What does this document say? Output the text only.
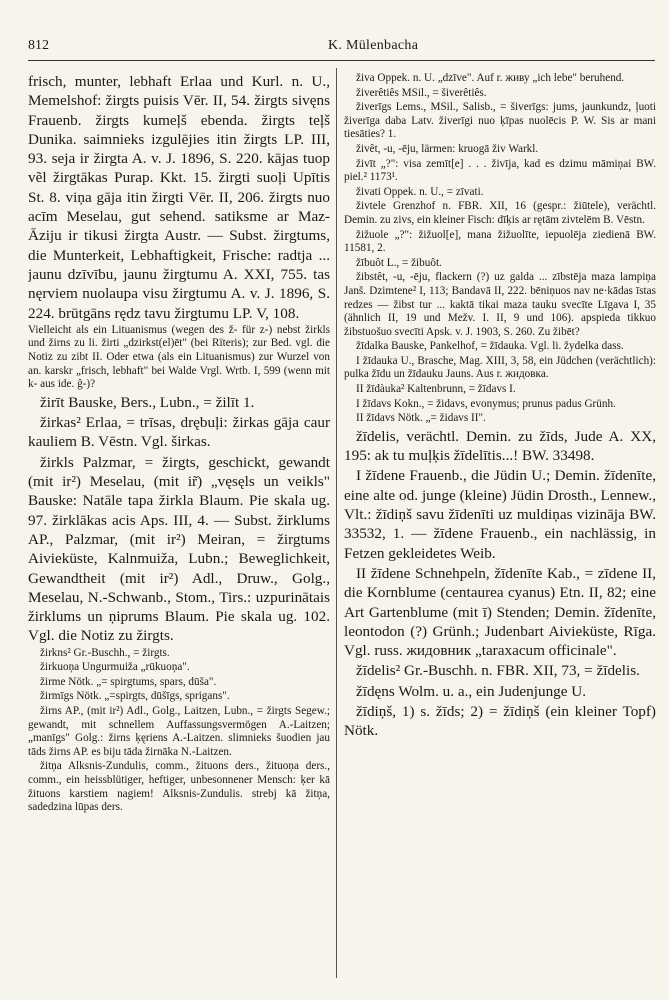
812	K. Mülenbacha

frisch, munter, lebhaft Erlaa und Kurl. n. U., Memelshof: žirgts puisis Vēr. II, 54. žirgts sivęns Frauenb. žirgts kumeļš ebenda. žirgts teļš Dunika. saimnieks izgulējies itin žirgts LP. III, 93. seja ir žirgta A. v. J. 1896, S. 220. kājas tuop vẽl žirgtākas Purap. Kkt. 15. žirgti suoļi Upītis St. 8. viņa gāja itin žirgti Vēr. II, 206. žirgts nuo acīm Meselau, gut sehend. satiksme ar Maz-Āziju ir tikusi žirgta Austr. — Subst. žirgtums, die Munterkeit, Lebhaftigkeit, Frische: radtja ... jaunu dzīvību, jaunu žirgtumu A. XXI, 755. tas nęrviem nuolaupa visu žirgtumu A. v. J. 1896, S. 224. brūtgāns rędz tavu žirgtumu LP. V, 108.

Vielleicht als ein Lituanismus (wegen des ž- für z-) nebst žirkls und žirns zu li. žirti „dzirkst(el)ēt" (bei Rïteris); zur Bed. vgl. die Notiz zu zibt II. Oder etwa (als ein Lituanismus) zur Wurzel von an. karskr „frisch, lebhaft" bei Walde Vrgl. Wrtb. I, 599 (wenn mit k- aus ide. ĝ-)?

žirīt Bauske, Bers., Lubn., = žilīt 1.

žirkas² Erlaa, = trīsas, drębuļi: žirkas gāja caur kauliem B. Vēstn. Vgl. širkas.

žirkls Palzmar, = žirgts, geschickt, gewandt (mit ir²) Meselau, (mit ir̃) „vęsęls un veikls" Bauske: Natāle tapa žirkla Blaum. Pie skala ug. 97. žirklākas acis Aps. III, 4. — Subst. žirklums AP., Palzmar, (mit ir²) Meiran, = žirgtums Aivieküste, Kalnmuiža, Lubn.; Beweglichkeit, Gewandtheit (mit ir²) Adl., Druw., Golg., Meselau, N.-Schwanb., Stom., Tirs.: uzpurinātais žirklums un ņiprums Blaum. Pie skala ug. 102. Vgl. die Notiz zu žirgts.

žirkns² Gr.-Buschh., = žirgts.

žirkuoņa Ungurmuiža „rūkuoņa".

žirme Nötk. „= spirgtums, spars, dūša".

žirmīgs Nötk. „=spirgts, dūšīgs, sprigans".

žirns AP., (mit ir²) Adl., Golg., Laitzen, Lubn., = žirgts Segew.; gewandt, mit schnellem Auffassungsvermögen A.-Laitzen; „manīgs" Golg.: žirns ķęriens A.-Laitzen. slimnieks šuodien jau tāds žirns AP. es biju tāda žirnāka N.-Laitzen.

žitņa Alksnis-Zundulis, comm., žituons ders., žituoņa ders., comm., ein heissblütiger, heftiger, unbesonnener Mensch: ķer kā žituons karstiem nagiem! Alksnis-Zundulis. strebj kā žitņa, sadedzina lūpas ders.

živa Oppek. n. U. „dzīve". Auf r. живу „ich lebe" beruhend.

živerêtiês MSil., = šiverêtiês.

živerīgs Lems., MSil., Salisb., = šiverīgs: jums, jaunkundz, ļuoti živerīga daba Latv. živerīgi nuo ķīpas nuolēcis P. W. Sis ar mani tiesāties? 1.

živêt, -u, -ēju, lärmen: kruogā živ Warkl.

živīt „?": visa zemīt[e] . . . živīja, kad es dzimu māmiņai BW. piel.² 1173¹.

živati Oppek. n. U., = zīvati.

živtele Grenzhof n. FBR. XII, 16 (gespr.: žiūtele), verächtl. Demin. zu zivs, ein kleiner Fisch: dīķis ar rętām zivtelēm B. Vēstn.

žižuole „?": žižuol[e], mana žižuolīte, iepuolēja ziedienā BW. 11581, 2.

žībuôt L., = žibuôt.

žibstêt, -u, -ēju, flackern (?) uz galda ... zībstēja maza lampiņa Janš. Dzimtene² I, 113; Bandavā II, 222. bēniņuos nav ne·kādas īstas redzes — žibst tur ... kaktā tikai maza tauku svecīte Līgava I, 35 (ähnlich II, 19 und Mežv. I. II, 9 und 106). apspieda tikkuo žibstuošuo svecīti Apsk. v. J. 1903, S. 260. Zu žibēt?

žīdalka Bauske, Pankelhof, = žīdauka. Vgl. li. žydelka dass.

I žīdauka U., Brasche, Mag. XIII, 3, 58, ein Jüdchen (verächtlich): pulka žīdu un žīdauku Jauns. Aus r. жидовка.

II žīdàuka² Kaltenbrunn, = žīdavs I.

I žīdavs Kokn., = židavs, evonymus; prunus padus Grünh.

II žīdavs Nötk. „= židavs II".

žīdelis, verächtl. Demin. zu žīds, Jude A. XX, 195: ak tu muļķis žīdelītis...! BW. 33498.

I žīdene Frauenb., die Jüdin U.; Demin. žīdenīte, eine alte od. junge (kleine) Jüdin Drosth., Lennew., Vlt.: žīdiņš savu žīdenīti uz muldiņas vizināja BW. 33532, 1. — žīdene Frauenb., ein nachlässig, in Fetzen gekleidetes Weib.

II žīdene Schnehpeln, žīdenīte Kab., = zīdene II, die Kornblume (centaurea cyanus) Etn. II, 82; eine Art Gartenblume (mit ī) Stenden; Demin. žīdenīte, leontodon (?) Grünh.; Judenbart Aivieküste, Rīga. Vgl. russ. жидовник „taraxacum officinale".

žīdelis² Gr.-Buschh. n. FBR. XII, 73, = žīdelis.

žīdęns Wolm. u. a., ein Judenjunge U.

žīdiņš, 1) s. žīds; 2) = žīdiņš (ein kleiner Topf) Nötk.
